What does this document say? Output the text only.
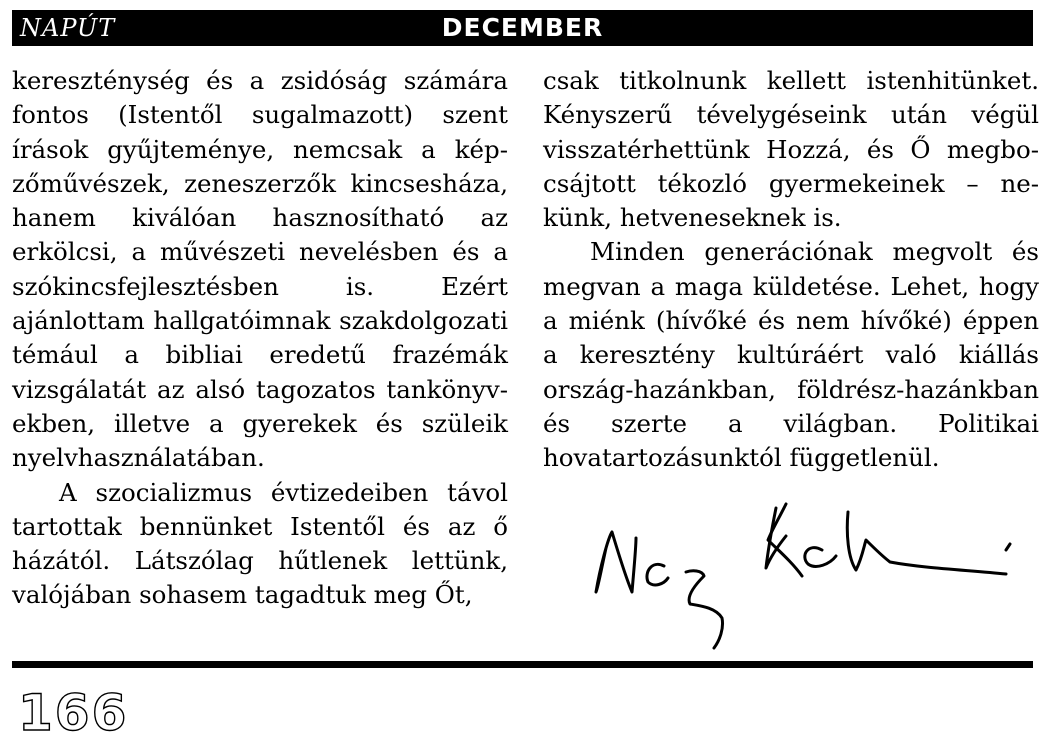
NAPÚT	DECEMBER

kereszténység és a zsidóság számára fontos (Istentől sugalmazott) szent írások gyűjteménye, nemcsak a képzőművészek, zeneszerzők kincsesháza, hanem kiválóan hasznosítható az erkölcsi, a művészeti nevelésben és a szókincsfejlesztésben is. Ezért ajánlottam hallgatóimnak szakdolgozati témául a bibliai eredetű frazémák vizsgálatát az alsó tagozatos tankönyvekben, illetve a gyerekek és szüleik nyelvhasználatában.

A szocializmus évtizedeiben távol tartottak bennünket Istentől és az ő házától. Látszólag hűtlenek lettünk, valójában sohasem tagadtuk meg Őt,

csak titkolnunk kellett istenhitünket. Kényszerű tévelygéseink után végül visszatérhettünk Hozzá, és Ő megbocsájtott tékozló gyermekeinek – nekünk, hetveneseknek is.

Minden generációnak megvolt és megvan a maga küldetése. Lehet, hogy a miénk (hívőké és nem hívőké) éppen a keresztény kultúráért való kiállás ország-hazánkban, földrész-hazánkban és szerte a világban. Politikai hovatartozásunktól függetlenül.

166
